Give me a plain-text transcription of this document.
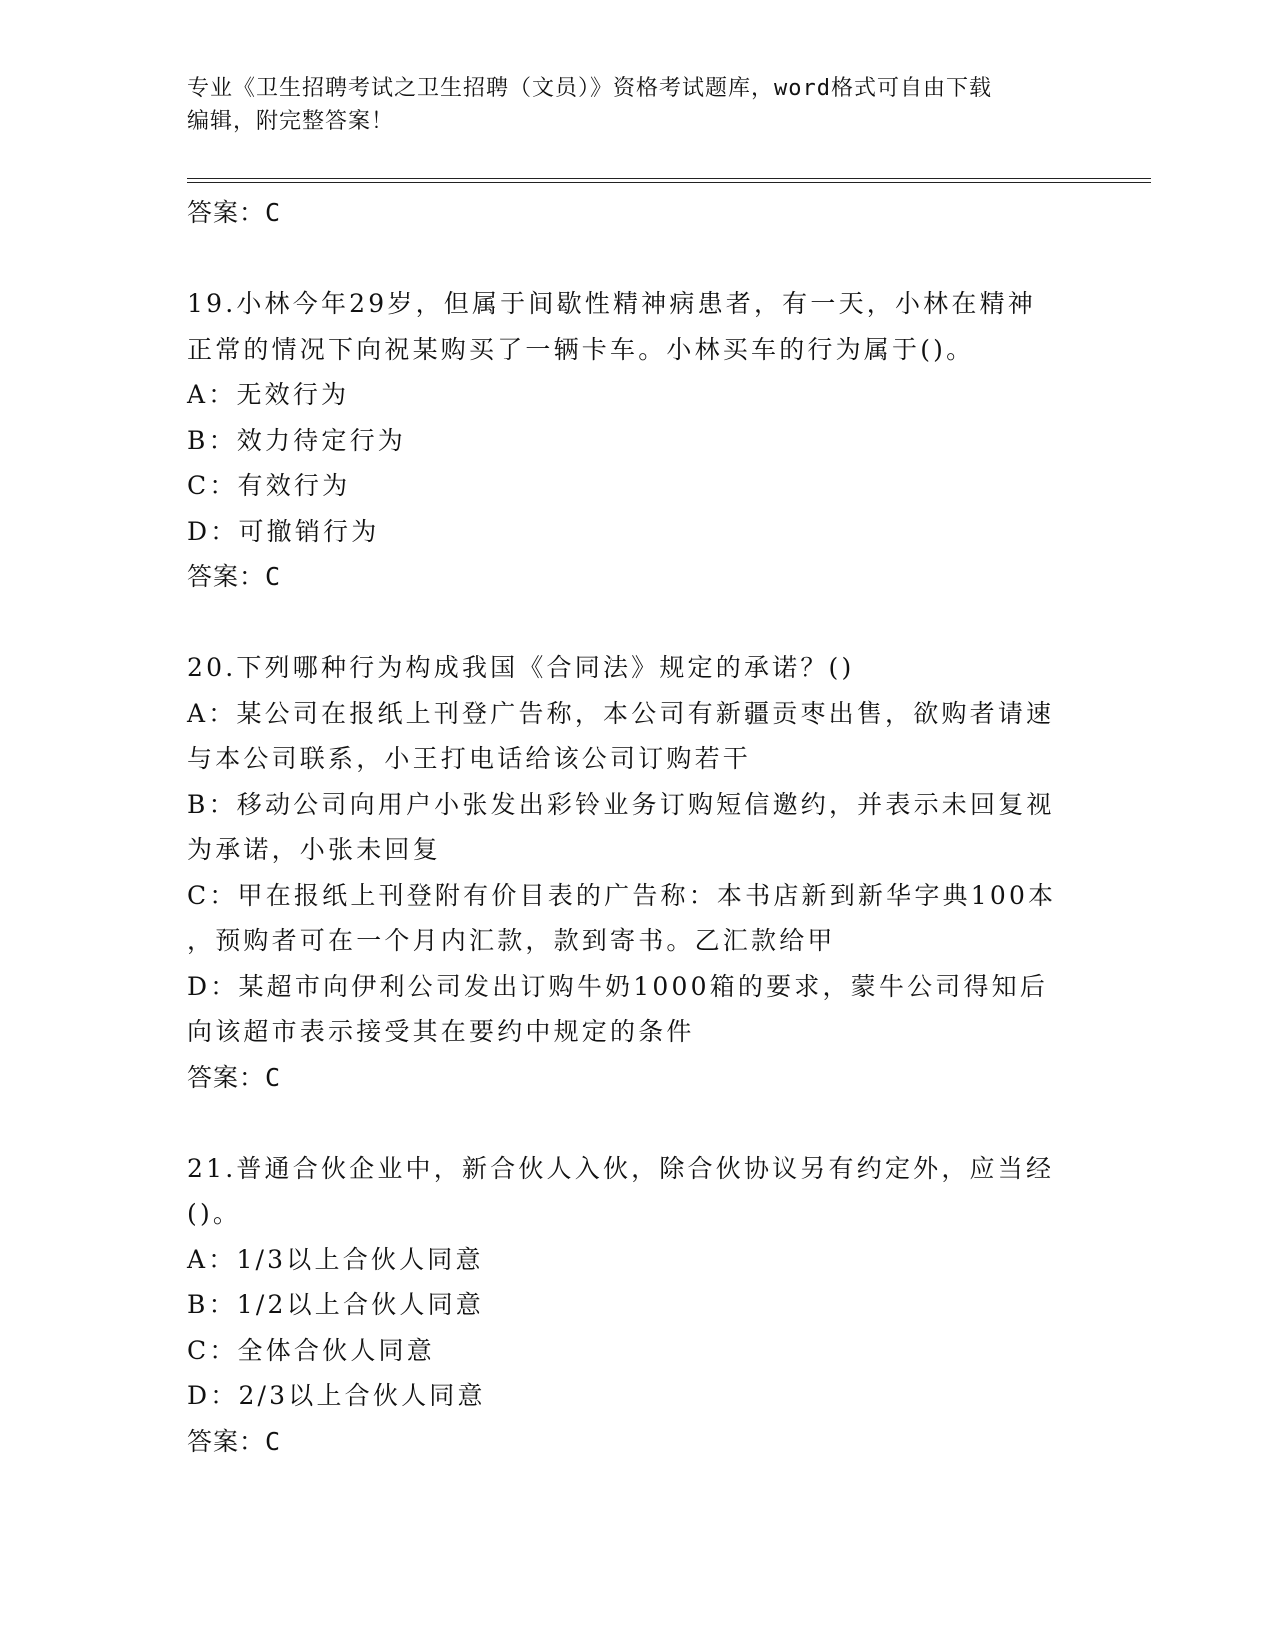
专业《卫生招聘考试之卫生招聘（文员）》资格考试题库，word格式可自由下载
编辑，附完整答案！

答案：C

19.小林今年29岁，但属于间歇性精神病患者，有一天，小林在精神

正常的情况下向祝某购买了一辆卡车。小林买车的行为属于()。

A：无效行为

B：效力待定行为

C：有效行为

D：可撤销行为

答案：C

20.下列哪种行为构成我国《合同法》规定的承诺？()

A：某公司在报纸上刊登广告称，本公司有新疆贡枣出售，欲购者请速

与本公司联系，小王打电话给该公司订购若干

B：移动公司向用户小张发出彩铃业务订购短信邀约，并表示未回复视

为承诺，小张未回复

C：甲在报纸上刊登附有价目表的广告称：本书店新到新华字典100本

，预购者可在一个月内汇款，款到寄书。乙汇款给甲

D：某超市向伊利公司发出订购牛奶1000箱的要求，蒙牛公司得知后

向该超市表示接受其在要约中规定的条件

答案：C

21.普通合伙企业中，新合伙人入伙，除合伙协议另有约定外，应当经

()。

A：1/3以上合伙人同意

B：1/2以上合伙人同意

C：全体合伙人同意

D：2/3以上合伙人同意

答案：C
